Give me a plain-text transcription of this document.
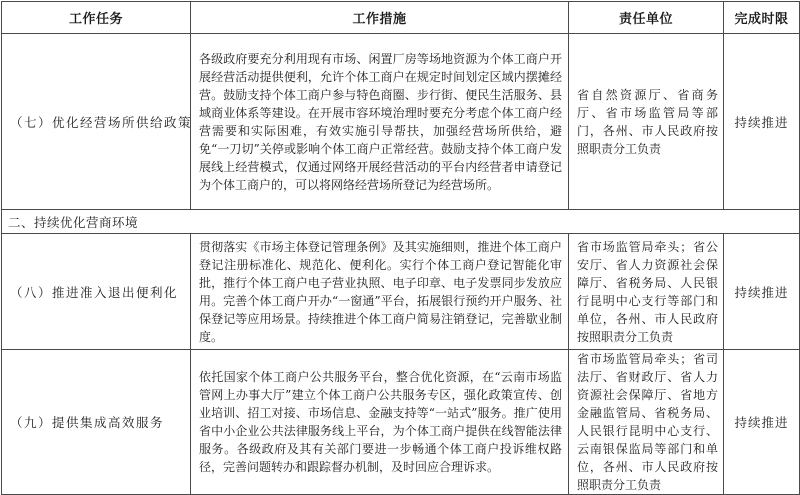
工作任务	工作措施	责任单位	完成时限
（七）优化经营场所供给政策	各级政府要充分利用现有市场、闲置厂房等场地资源为个体工商户开展经营活动提供便利，允许个体工商户在规定时间划定区域内摆摊经营。鼓励支持个体工商户参与特色商圈、步行街、便民生活服务、县域商业体系等建设。在开展市容环境治理时要充分考虑个体工商户经营需要和实际困难，有效实施引导帮扶，加强经营场所供给，避免“一刀切”关停或影响个体工商户正常经营。鼓励支持个体工商户发展线上经营模式，仅通过网络开展经营活动的平台内经营者申请登记为个体工商户的，可以将网络经营场所登记为经营场所。	省自然资源厅、省商务厅、省市场监管局等部门，各州、市人民政府按照职责分工负责	持续推进
二、持续优化营商环境			
（八）推进准入退出便利化	贯彻落实《市场主体登记管理条例》及其实施细则，推进个体工商户登记注册标准化、规范化、便利化。实行个体工商户登记智能化审批，推行个体工商户电子营业执照、电子印章、电子发票同步发放应用。完善个体工商户开办“一窗通”平台，拓展银行预约开户服务、社保登记等应用场景。持续推进个体工商户简易注销登记，完善歇业制度。	省市场监管局牵头；省公安厅、省人力资源社会保障厅、省税务局、人民银行昆明中心支行等部门和单位，各州、市人民政府按照职责分工负责	持续推进
（九）提供集成高效服务	依托国家个体工商户公共服务平台，整合优化资源，在“云南市场监管网上办事大厅”建立个体工商户公共服务专区，强化政策宣传、创业培训、招工对接、市场信息、金融支持等“一站式”服务。推广使用省中小企业公共法律服务线上平台，为个体工商户提供在线智能法律服务。各级政府及其有关部门要进一步畅通个体工商户投诉维权路径，完善问题转办和跟踪督办机制，及时回应合理诉求。	省市场监管局牵头；省司法厅、省财政厅、省人力资源社会保障厅、省地方金融监管局、省税务局、人民银行昆明中心支行、云南银保监局等部门和单位，各州、市人民政府按照职责分工负责	持续推进
